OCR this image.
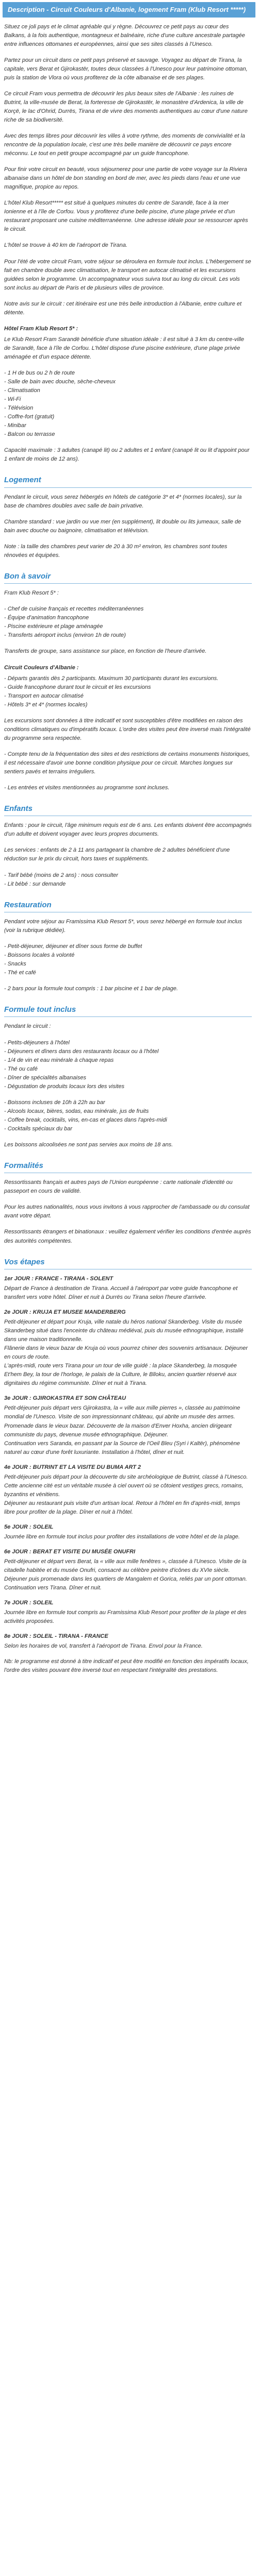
Description - Circuit Couleurs d'Albanie, logement Fram (Klub Resort *****)
Situez ce joli pays et le climat agréable qui y règne. Découvrez ce petit pays au cœur des Balkans, à la fois authentique, montagneux et balnéaire, riche d'une culture ancestrale partagée entre influences ottomanes et européennes, ainsi que ses sites classés à l'Unesco.
Partez pour un circuit dans ce petit pays préservé et sauvage. Voyagez au départ de Tirana, la capitale, vers Berat et Gjirokastër, toutes deux classées à l'Unesco pour leur patrimoine ottoman, puis la station de Vlora où vous profiterez de la côte albanaise et de ses plages.
Ce circuit Fram vous permettra de découvrir les plus beaux sites de l'Albanie : les ruines de Butrint, la ville-musée de Berat, la forteresse de Gjirokastër, le monastère d'Ardenica, la ville de Korçë, le lac d'Ohrid, Durrës, Tirana et de vivre des moments authentiques au cœur d'une nature riche de sa biodiversité.
Avec des temps libres pour découvrir les villes à votre rythme, des moments de convivialité et la rencontre de la population locale, c'est une très belle manière de découvrir ce pays encore méconnu. Le tout en petit groupe accompagné par un guide francophone.
Pour finir votre circuit en beauté, vous séjournerez pour une partie de votre voyage sur la Riviera albanaise dans un hôtel de bon standing en bord de mer, avec les pieds dans l'eau et une vue magnifique, propice au repos.
L'hôtel Klub Resort***** est situé à quelques minutes du centre de Sarandë, face à la mer Ionienne et à l'île de Corfou. Vous y profiterez d'une belle piscine, d'une plage privée et d'un restaurant proposant une cuisine méditerranéenne. Une adresse idéale pour se ressourcer après le circuit.
L'hôtel se trouve à 40 km de l'aéroport de Tirana.
Pour l'été de votre circuit Fram, votre séjour se déroulera en formule tout inclus. L'hébergement se fait en chambre double avec climatisation, le transport en autocar climatisé et les excursions guidées selon le programme. Un accompagnateur vous suivra tout au long du circuit. Les vols sont inclus au départ de Paris et de plusieurs villes de province.
Notre avis sur le circuit : cet itinéraire est une très belle introduction à l'Albanie, entre culture et détente.
Hôtel Fram Klub Resort 5* :
Le Klub Resort Fram Sarandë bénéficie d'une situation idéale : il est situé à 3 km du centre-ville de Sarandë, face à l'île de Corfou. L'hôtel dispose d'une piscine extérieure, d'une plage privée aménagée et d'un espace détente.
- 1 H de bus ou 2 h de route
- Salle de bain avec douche, sèche-cheveux
- Climatisation
- Wi-Fi
- Télévision
- Coffre-fort (gratuit)
- Minibar
- Balcon ou terrasse
Capacité maximale : 3 adultes (canapé lit) ou 2 adultes et 1 enfant (canapé lit ou lit d'appoint pour 1 enfant de moins de 12 ans).
Logement
Pendant le circuit, vous serez hébergés en hôtels de catégorie 3* et 4* (normes locales), sur la base de chambres doubles avec salle de bain privative.
Chambre standard : vue jardin ou vue mer (en supplément), lit double ou lits jumeaux, salle de bain avec douche ou baignoire, climatisation et télévision.
Note : la taille des chambres peut varier de 20 à 30 m² environ, les chambres sont toutes rénovées et équipées.
Bon à savoir
Fram Klub Resort 5* :
- Chef de cuisine français et recettes méditerranéennes
- Équipe d'animation francophone
- Piscine extérieure et plage aménagée
- Transferts aéroport inclus (environ 1h de route)
Transferts de groupe, sans assistance sur place, en fonction de l'heure d'arrivée.
Circuit Couleurs d'Albanie :
- Départs garantis dès 2 participants. Maximum 30 participants durant les excursions.
- Guide francophone durant tout le circuit et les excursions
- Transport en autocar climatisé
- Hôtels 3* et 4* (normes locales)
Les excursions sont données à titre indicatif et sont susceptibles d'être modifiées en raison des conditions climatiques ou d'impératifs locaux. L'ordre des visites peut être inversé mais l'intégralité du programme sera respectée.
- Compte tenu de la fréquentation des sites et des restrictions de certains monuments historiques, il est nécessaire d'avoir une bonne condition physique pour ce circuit. Marches longues sur sentiers pavés et terrains irréguliers.
- Les entrées et visites mentionnées au programme sont incluses.
Enfants
Enfants : pour le circuit, l'âge minimum requis est de 6 ans. Les enfants doivent être accompagnés d'un adulte et doivent voyager avec leurs propres documents.
Les services : enfants de 2 à 11 ans partageant la chambre de 2 adultes bénéficient d'une réduction sur le prix du circuit, hors taxes et suppléments.
- Tarif bébé (moins de 2 ans) : nous consulter
- Lit bébé : sur demande
Restauration
Pendant votre séjour au Framissima Klub Resort 5*, vous serez hébergé en formule tout inclus (voir la rubrique dédiée).
- Petit-déjeuner, déjeuner et dîner sous forme de buffet
- Boissons locales à volonté
- Snacks
- Thé et café
- 2 bars pour la formule tout compris : 1 bar piscine et 1 bar de plage.
Formule tout inclus
Pendant le circuit :
- Petits-déjeuners à l'hôtel
- Déjeuners et dîners dans des restaurants locaux ou à l'hôtel
- 1/4 de vin et eau minérale à chaque repas
- Thé ou café
- Dîner de spécialités albanaises
- Dégustation de produits locaux lors des visites
- Boissons incluses de 10h à 22h au bar
- Alcools locaux, bières, sodas, eau minérale, jus de fruits
- Coffee break, cocktails, vins, en-cas et glaces dans l'après-midi
- Cocktails spéciaux du bar
Les boissons alcoolisées ne sont pas servies aux moins de 18 ans.
Formalités
Ressortissants français et autres pays de l'Union européenne : carte nationale d'identité ou passeport en cours de validité.
Pour les autres nationalités, nous vous invitons à vous rapprocher de l'ambassade ou du consulat avant votre départ.
Ressortissants étrangers et binationaux : veuillez également vérifier les conditions d'entrée auprès des autorités compétentes.
Vos étapes
1er JOUR : FRANCE - TIRANA - SOLENT
Départ de France à destination de Tirana. Accueil à l'aéroport par votre guide francophone et transfert vers votre hôtel. Dîner et nuit à Durrës ou Tirana selon l'heure d'arrivée.
2e JOUR : KRUJA ET MUSEE MANDERBERG
Petit-déjeuner et départ pour Kruja, ville natale du héros national Skanderbeg. Visite du musée Skanderbeg situé dans l'enceinte du château médiéval, puis du musée ethnographique, installé dans une maison traditionnelle.
Flânerie dans le vieux bazar de Kruja où vous pourrez chiner des souvenirs artisanaux. Déjeuner en cours de route.
L'après-midi, route vers Tirana pour un tour de ville guidé : la place Skanderbeg, la mosquée Et'hem Bey, la tour de l'horloge, le palais de la Culture, le Blloku, ancien quartier réservé aux dignitaires du régime communiste. Dîner et nuit à Tirana.
3e JOUR : GJIROKASTRA ET SON CHÂTEAU
Petit-déjeuner puis départ vers Gjirokastra, la « ville aux mille pierres », classée au patrimoine mondial de l'Unesco. Visite de son impressionnant château, qui abrite un musée des armes.
Promenade dans le vieux bazar. Découverte de la maison d'Enver Hoxha, ancien dirigeant communiste du pays, devenue musée ethnographique. Déjeuner.
Continuation vers Saranda, en passant par la Source de l'Oeil Bleu (Syri i Kaltër), phénomène naturel au cœur d'une forêt luxuriante. Installation à l'hôtel, dîner et nuit.
4e JOUR : BUTRINT ET LA VISITE DU BUMA ART 2
Petit-déjeuner puis départ pour la découverte du site archéologique de Butrint, classé à l'Unesco. Cette ancienne cité est un véritable musée à ciel ouvert où se côtoient vestiges grecs, romains, byzantins et vénitiens.
Déjeuner au restaurant puis visite d'un artisan local. Retour à l'hôtel en fin d'après-midi, temps libre pour profiter de la plage. Dîner et nuit à l'hôtel.
5e JOUR : SOLEIL
Journée libre en formule tout inclus pour profiter des installations de votre hôtel et de la plage.
6e JOUR : BERAT ET VISITE DU MUSÉE ONUFRI
Petit-déjeuner et départ vers Berat, la « ville aux mille fenêtres », classée à l'Unesco. Visite de la citadelle habitée et du musée Onufri, consacré au célèbre peintre d'icônes du XVIe siècle.
Déjeuner puis promenade dans les quartiers de Mangalem et Gorica, reliés par un pont ottoman. Continuation vers Tirana. Dîner et nuit.
7e JOUR : SOLEIL
Journée libre en formule tout compris au Framissima Klub Resort pour profiter de la plage et des activités proposées.
8e JOUR : SOLEIL - TIRANA - FRANCE
Selon les horaires de vol, transfert à l'aéroport de Tirana. Envol pour la France.
Nb: le programme est donné à titre indicatif et peut être modifié en fonction des impératifs locaux, l'ordre des visites pouvant être inversé tout en respectant l'intégralité des prestations.
